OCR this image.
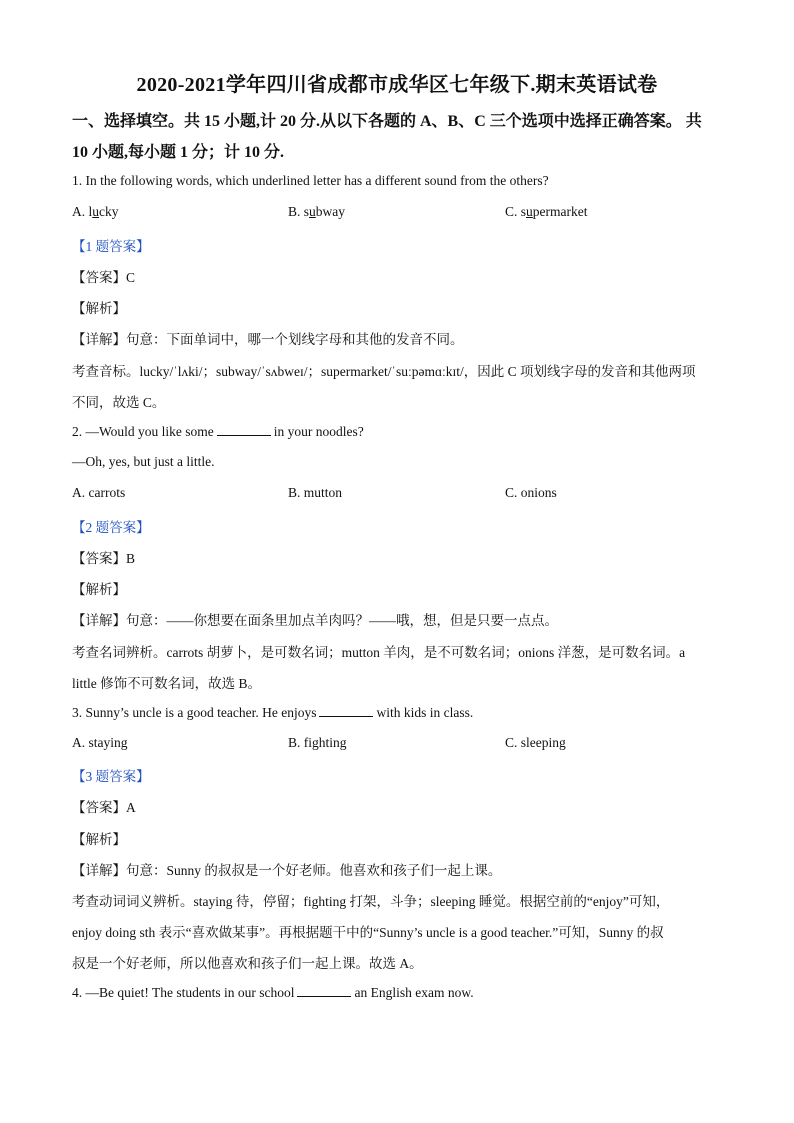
2020-2021学年四川省成都市成华区七年级下.期末英语试卷
一、选择填空。共 15 小题,计 20 分.从以下各题的 A、B、C 三个选项中选择正确答案。 共
10 小题,每小题 1 分；计 10 分.
1. In the following words, which underlined letter has a different sound from the others?
A. lucky	B. subway	C. supermarket
【1 题答案】
【答案】C
【解析】
【详解】句意：下面单词中，哪一个划线字母和其他的发音不同。
考查音标。lucky/ˈlʌki/；subway/ˈsʌbweɪ/；supermarket/ˈsuːpəmɑːkɪt/，因此 C 项划线字母的发音和其他两项
不同，故选 C。
2. —Would you like some	in your noodles?
—Oh, yes, but just a little.
A. carrots	B. mutton	C. onions
【2 题答案】
【答案】B
【解析】
【详解】句意：——你想要在面条里加点羊肉吗？——哦，想，但是只要一点点。
考查名词辨析。carrots 胡萝卜，是可数名词；mutton 羊肉，是不可数名词；onions 洋葱，是可数名词。a
little 修饰不可数名词，故选 B。
3. Sunny’s uncle is a good teacher. He enjoys	with kids in class.
A. staying	B. fighting	C. sleeping
【3 题答案】
【答案】A
【解析】
【详解】句意：Sunny 的叔叔是一个好老师。他喜欢和孩子们一起上课。
考查动词词义辨析。staying 待，停留；fighting 打架，斗争；sleeping 睡觉。根据空前的“enjoy”可知，
enjoy doing sth 表示“喜欢做某事”。再根据题干中的“Sunny’s uncle is a good teacher.”可知，Sunny 的叔
叔是一个好老师，所以他喜欢和孩子们一起上课。故选 A。
4. —Be quiet! The students in our school	an English exam now.
